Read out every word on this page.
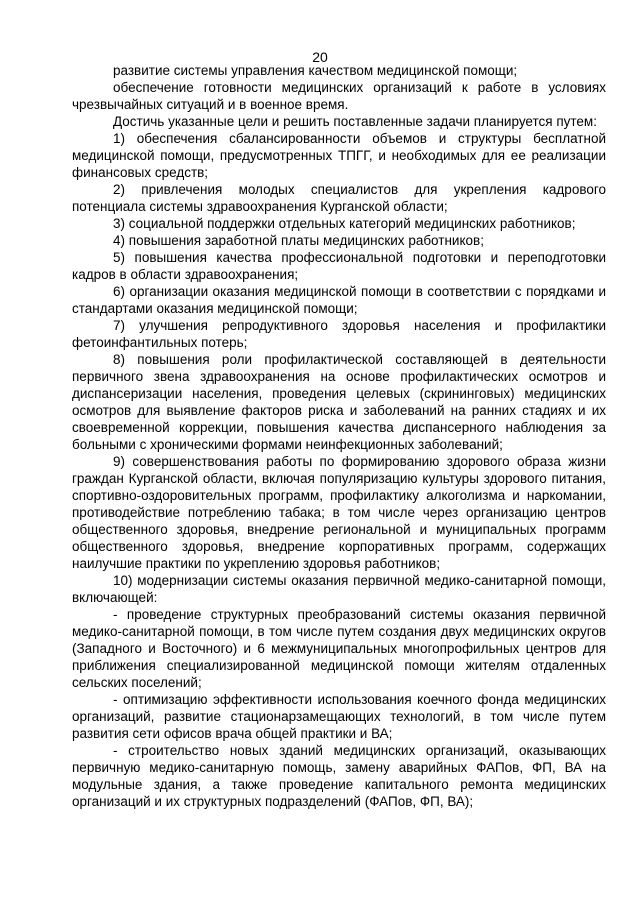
20

развитие системы управления качеством медицинской помощи;

обеспечение готовности медицинских организаций к работе в условиях чрезвычайных ситуаций и в военное время.

Достичь указанные цели и решить поставленные задачи планируется путем:

1) обеспечения сбалансированности объемов и структуры бесплатной медицинской помощи, предусмотренных ТПГГ, и необходимых для ее реализации финансовых средств;

2) привлечения молодых специалистов для укрепления кадрового потенциала системы здравоохранения Курганской области;

3) социальной поддержки отдельных категорий медицинских работников;

4) повышения заработной платы медицинских работников;

5) повышения качества профессиональной подготовки и переподготовки кадров в области здравоохранения;

6) организации оказания медицинской помощи в соответствии с порядками и стандартами оказания медицинской помощи;

7) улучшения репродуктивного здоровья населения и профилактики фетоинфантильных потерь;

8) повышения роли профилактической составляющей в деятельности первичного звена здравоохранения на основе профилактических осмотров и диспансеризации населения, проведения целевых (скрининговых) медицинских осмотров для выявление факторов риска и заболеваний на ранних стадиях и их своевременной коррекции, повышения качества диспансерного наблюдения за больными с хроническими формами неинфекционных заболеваний;

9) совершенствования работы по формированию здорового образа жизни граждан Курганской области, включая популяризацию культуры здорового питания, спортивно-оздоровительных программ, профилактику алкоголизма и наркомании, противодействие потреблению табака; в том числе через организацию центров общественного здоровья, внедрение региональной и муниципальных программ общественного здоровья, внедрение корпоративных программ, содержащих наилучшие практики по укреплению здоровья работников;

10) модернизации системы оказания первичной медико-санитарной помощи, включающей:

- проведение структурных преобразований системы оказания первичной медико-санитарной помощи, в том числе путем создания двух медицинских округов (Западного и Восточного) и 6 межмуниципальных многопрофильных центров для приближения специализированной медицинской помощи жителям отдаленных сельских поселений;

- оптимизацию эффективности использования коечного фонда медицинских организаций, развитие стационарзамещающих технологий, в том числе путем развития сети офисов врача общей практики и ВА;

- строительство новых зданий медицинских организаций, оказывающих первичную медико-санитарную помощь, замену аварийных ФАПов, ФП, ВА на модульные здания, а также проведение капитального ремонта медицинских организаций и их структурных подразделений (ФАПов, ФП, ВА);
